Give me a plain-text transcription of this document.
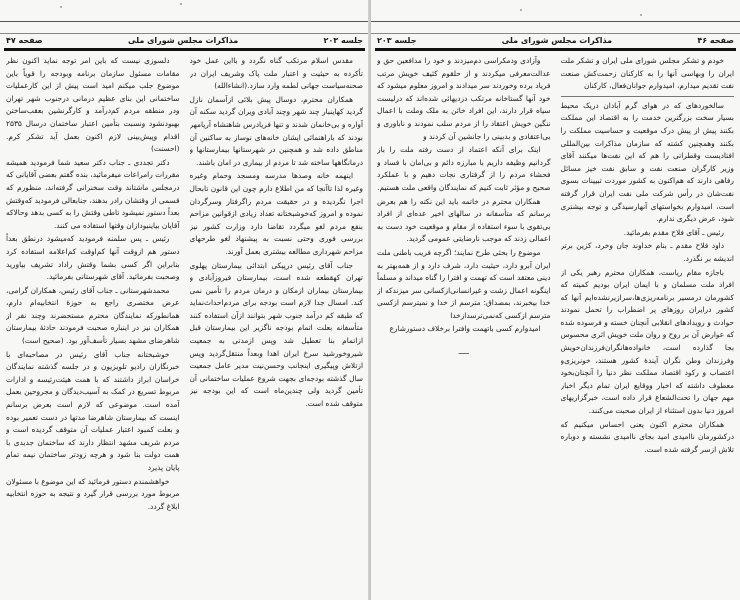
جلسه ۲۰۳
مذاکرات مجلس شورای ملی
صفحه ۴۷

مقدس اسلام مرتکب گناه نگردد و بااین عمل خود تأکرده به حیثیت و اعتبار ملت پاک وشریف ایران در صحنه‌سیاست جهانی لطمه وارد سازد.(انشاءالله)

همکاران محترم، دوسال پیش بلائی ازآسمان نازل گردید کهاینبار چند شهر وچند آبادی ویران گردید سکنه آن آواره و بی‌خانمان شدند و تنها فریادرس شاهنشاه آریامهر بودند که باراهنمائی ایشان خانه‌های نوساز به ساکنین آن مناطق داده شد و همچنین در شهرستانها بیمارستانها و درمانگاهها ساخته شد تا مردم از بیماری در امان باشند.

اینهمه خانه وصدها مدرسه ومسجد وحمام وغیره وغیره لذا تاآنجا که من اطلاع دارم چون این قانون تابحال اجرا نگردیده و در حقیقت مردم راگرفتار وسرگردان نموده و امروز که‌خوشبختانه تعداد زیادی ازقوانین مزاحم بنفع مردم لغو میگردد تقاضا دارد وزارت کشور نیز بررسی فوری وحتی نسبت به پیشنهاد لغو طرحهای مزاحم شهرداری مطالعه بیشتری بعمل آورند.

جناب آقای رئیس درپیکی ابتدائی بیمارستان پهلوی تهران کهقطعه شده است، بیمارستان فیروزآبادی و بیمارستان بیماران ازمکان و درمان مردم را تأمین نمی کند. امسال جدا لازم است بودجه برای مردم‌احداث‌نماید که طبقه کم درآمد جنوب شهر بتوانند ازآن استفاده کنند متأسفانه بعلت اتمام بودجه ناگزیر این بیمارستان قبل ازاتمام بنا تعطیل شد وپس ازمدتی به جمعیت شیروخورشید سرخ ایران اهدا وبعداً منتقل‌گردید وپس ازتلاش وپیگیری اینجانب وحسن‌نیت مدیر عامل جمعیت سال گذشته بودجه‌ای بجهت شروع عملیات ساختمانی آن تأمین گردید ولی چندین‌ماه است که این بودجه نیز متوقف شده است.

دلسوزی نیست که باین امر توجه نماید اکنون نظر مقامات مسئول سازمان برنامه وبودجه را قویاً باین موضوع جلب میکنم امید است پیش از این کارعملیات ساختمانی این بنای عظیم درمانی درجنوب شهر تهران ودر منطقه مردم کم‌درآمد و کارگرنشین بعقب‌ساختن بهبودنشود ونسبت بتأمین اعتبار ساختمان درسال ۲۵۳۵ اقدام وپیش‌بینی لازم اکنون بعمل آید تشکر کرم. (احسنت)

دکتر تجددی ـ جناب دکتر سعید شما فرمودید همیشه مقررات رامراعات میفرمائید، بنده گفتم بعضی آقایانی که درمجلس ماشتاند وقت سخنرانی گرفته‌اند، منظورم که قسمی از وقتشان رادر بدهند، جنابعالی فرمودید که‌وقتش بعداً دستور نمیشود تاطی وقتش را به کسی بدهد وحالاکه آقایان بیاینبودازان وقتها استفاده می کنند.

رئیس ـ پس سلمنه فرمودید که‌میشود درنطق بعداً دستور هم ازوقت آنها کم‌اوقت کم‌اعلامه استفاده کرد بنابراین اگر کسی بشما وقتش راداد تشریف بیاورید وصحبت بفرمائید. آقای شهرستانی بفرمائید.

محمدشهرستانی ـ جناب آقای رئیس، همکاران گرامی، عرض مختصری راجع به حوزهٔ انتخابیه‌ام دارم، همانطورکه نمایندگان محترم مستحضرند وچند نفر از همکاران نیز در اینباره صحبت فرمودند حادثهٔ بیمارستان شاهرضای مشهد بسیار تأسف‌آور بود. (صحیح است)

خوشبختانه جناب آقای رئیس در مصاحبه‌ای با خبرنگاران رادیو تلویزیون و در جلسه گذشته نمایندگان خراسان ابراز داشتند که با همت هیئت‌رئیسه و ادارات مربوط تسریع در کمک به آسیب‌دیدگان و مجروحین بعمل آمده است. موضوعی که لازم است بعرض برسانم اینست که بیمارستان شاهرضا مدتها در دست تعمیر بوده و بعلت کمبود اعتبار عملیات آن متوقف گردیده است و مردم شریف مشهد انتظار دارند که ساختمان جدیدی با همت دولت بنا شود و هرچه زودتر ساختمان نیمه تمام پایان پذیرد

خواهشمندم دستور فرمائید که این موضوع با مسئولان مربوط مورد بررسی قرار گیرد و نتیجه به حوزه انتخابیه ابلاغ گردد.

صفحه ۴۶
مذاکرات مجلس شورای ملی
جلسه ۲۰۳

خودم و تشکر مجلس شورای ملی ایران و تشکر ملت ایران را وبهاسی آنها را به کارکنان زحمت‌کش صنعت نفت تقدیم میدارم، امیدوارم جوانان‌فعال، کارکنان

سالخوردهای که در هوای گرم آبادان دریک محیط بسیار سخت بزرگترین خدمت را به اقتصاد این مملکت بکنند پیش از پیش درک موقعیت و حساسیت مملکت را بکنند وهمچنین کشته که سازمان مذاکرات بین‌المللی افتادیست وقطراتی را هم که این نفت‌ها میکنند آقای وزیر کارگران صنعت نفت و سابق نفت خیز مسائل رفاهی دارند که هم‌اکنون به کشور موردت تبیینات بسوی نفت‌شان در رأس شرکت ملی نفت ایران قرار گرفته است، امیدوارم بخواستهای آنهارسیدگی و توجه بیشتری شود، عرض دیگری ندارم.

رئیس ـ آقای فلاح مقدم بفرمائید.

داود فلاح مقدم ـ بنام خداوند جان وخرد، کزین برتر اندیشه بر نگذرد.

باجازه مقام ریاست، همکاران محترم رهبر یکی از افراد ملت مسلمان و با ایمان ایران بودیم کمیته که کشورمان درمسیر برنامه‌ریزی‌ها،سرازیرنشده‌ایم آنها که کشور درایران روزهای پر اضطراب را تحمل نمودند حوادث و رویدادهای انقلابی آنچنان خسته و فرسوده شده که عوارض آن بر روح و روان ملت خویش اثری محسوس بجا گذارده است، خانواده‌هانگران‌فرزندان‌خویش وفرزندان وطن نگران آیندهٔ کشور هستند، خونریزی‌و اعتصاب و رکود اقتصاد مملکت نظر دنیا را آنچنان‌بخود معطوف داشته که اخبار ووقایع ایران تمام دیگر اخبار مهم جهان را تحت‌الشعاع قرار داده است، خبرگزاریهای امروز دنیا بدون استثناء از ایران صحبت می‌کنند.

همکاران محترم اکنون یعنی احساس میکنیم که درکشورمان ناامیدی امید بجای ناامیدی نشسته و دوباره تلاش ازسر گرفته شده است.

وآزادی ودمکراسی دم‌میزدند و خود را مدافعین حق و عدالت‌معرفی میکردند و از حلقوم کثیف خویش مرتب فریاد برده وخوردند سر میدادند و امروز معلوم میشود که خود آنها گستاخانه مرتکب دزدیهائی شده‌اند که درلیست سیاه قرار دارند، این افراد خائن به ملک وملت با اعمال ننگین خویش اعتقاد را از مردم سلب نمودند و ناباوری و بی‌اعتقادی و بدبینی را جانشین آن کردند و

اینک برای آنکه اعتماد از دست رفته ملت را باز گردانیم وظیفه داریم با مبارزه دائم و بی‌امان با فساد و فحشاء مردم را از گرفتاری نجات دهیم و با عملکرد صحیح و مؤثر ثابت کنیم که نمایندگان واقعی ملت هستیم.

همکاران محترم در خاتمه باید این نکته را هم بعرض برسانم که متأسفانه در سالهای اخیر عده‌ای از افراد بی‌تقوی با سوء استفاده از مقام و موقعیت خود دست به اعمالی زدند که موجب نارضایتی عمومی گردید.

موضوع را بحثی طرح نمایند؛ اگرچه فریب باطنی ملت ایران آبرو دارد، حیثیت دارد، شرف دارد و از همه‌بهتر به دینی معتقد است که تهمت و افترا را گناه میداند و مسلماً اینگونه اعمال زشت و غیرانسانی‌ازکسانی سر میزندکه از خدا بیخبرند، بمصداق: مترسم از خدا و نمیترسم ازکسی مترسم ازکسی که‌نمی‌ترسد‌ازخدا

امیدوارم کسی باتهمت وافترا برخلاف دستورشارع

ـــــ
